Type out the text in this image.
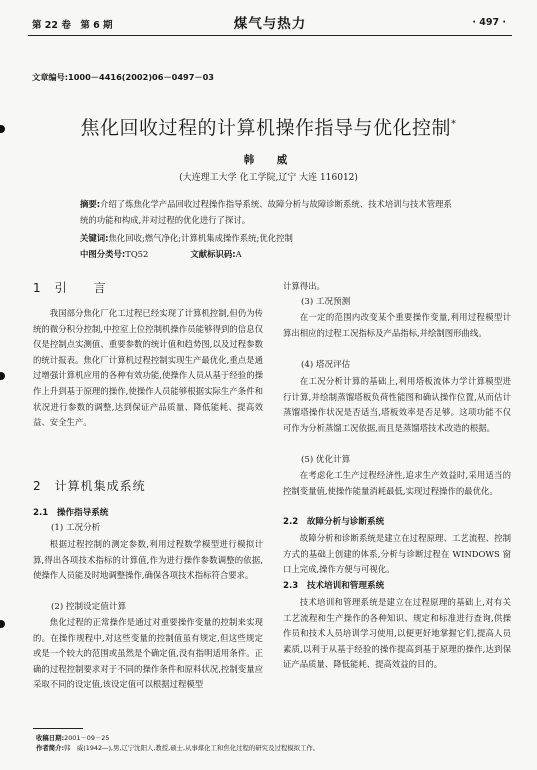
第 22 卷　第 6 期	煤气与热力	· 497 ·
文章编号:1000－4416(2002)06－0497－03
焦化回收过程的计算机操作指导与优化控制*
韩　威
(大连理工大学 化工学院,辽宁 大连 116012)
摘要:介绍了炼焦化学产品回收过程操作指导系统、故障分析与故障诊断系统、技术培训与技术管理系统的功能和构成,并对过程的优化进行了探讨。
关键词:焦化回收;燃气净化;计算机集成操作系统;优化控制
中图分类号:TQ52	文献标识码:A
1　引　　言
我国部分焦化厂化工过程已经实现了计算机控制,但仍为传统的微分积分控制,中控室上位控制机操作员能够得到的信息仅仅是控制点实测值、重要参数的统计值和趋势图,以及过程参数的统计报表。焦化厂计算机过程控制实现生产最优化,重点是通过增强计算机应用的各种有效功能,使操作人员从基于经验的操作上升到基于原理的操作,使操作人员能够根据实际生产条件和状况进行参数的调整,达到保证产品质量、降低能耗、提高效益、安全生产。
2　计算机集成系统
2.1　操作指导系统
(1) 工况分析
根据过程控制的测定参数,利用过程数学模型进行模拟计算,得出各项技术指标的计算值,作为进行操作参数调整的依据,使操作人员能及时地调整操作,确保各项技术指标符合要求。
(2) 控制设定值计算
焦化过程的正常操作是通过对重要操作变量的控制来实现的。在操作规程中,对这些变量的控制值虽有规定,但这些规定或是一个较大的范围或虽然是个确定值,没有指明适用条件。正确的过程控制要求对于不同的操作条件和原料状况,控制变量应采取不同的设定值,该设定值可以根据过程模型
计算得出。
(3) 工况预测
在一定的范围内改变某个重要操作变量,利用过程模型计算出相应的过程工况指标及产品指标,并绘制图形曲线。
(4) 塔况评估
在工况分析计算的基础上,利用塔板流体力学计算模型进行计算,并绘制蒸馏塔板负荷性能图和确认操作位置,从而估计蒸馏塔操作状况是否适当,塔板效率是否足够。这项功能不仅可作为分析蒸馏工况依据,而且是蒸馏塔技术改造的根据。
(5) 优化计算
在考虑化工生产过程经济性,追求生产效益时,采用适当的控制变量值,使操作能量消耗最低,实现过程操作的最优化。
2.2　故障分析与诊断系统
故障分析和诊断系统是建立在过程原理、工艺流程、控制方式的基础上创建的体系,分析与诊断过程在 WINDOWS 窗口上完成,操作方便与可视化。
2.3　技术培训和管理系统
技术培训和管理系统是建立在过程原理的基础上,对有关工艺流程和生产操作的各种知识、规定和标准进行查询,供操作员和技术人员培训学习使用,以便更好地掌握它们,提高人员素质,以利于从基于经验的操作提高到基于原理的操作,达到保证产品质量、降低能耗、提高效益的目的。
收稿日期:2001－09－25
作者简介:韩　威(1942—),男,辽宁沈阳人,教授,硕士,从事煤化工和焦化过程的研究及过程模拟工作。
